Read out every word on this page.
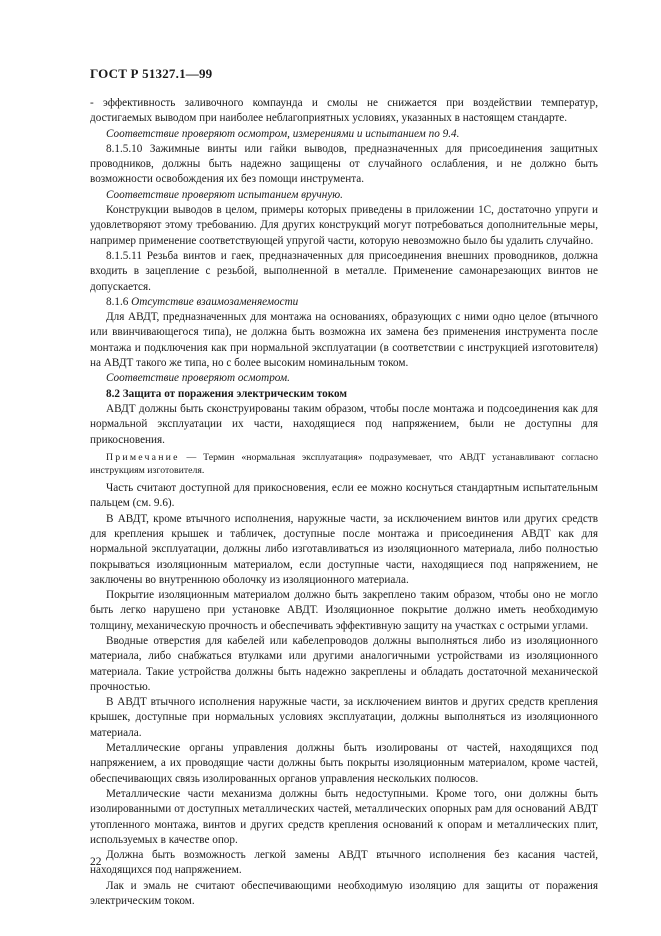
ГОСТ Р 51327.1—99

- эффективность заливочного компаунда и смолы не снижается при воздействии температур, достигаемых выводом при наиболее неблагоприятных условиях, указанных в настоящем стандарте.

Соответствие проверяют осмотром, измерениями и испытанием по 9.4.

8.1.5.10 Зажимные винты или гайки выводов, предназначенных для присоединения защитных проводников, должны быть надежно защищены от случайного ослабления, и не должно быть возможности освобождения их без помощи инструмента.

Соответствие проверяют испытанием вручную.

Конструкции выводов в целом, примеры которых приведены в приложении 1С, достаточно упруги и удовлетворяют этому требованию. Для других конструкций могут потребоваться дополнительные меры, например применение соответствующей упругой части, которую невозможно было бы удалить случайно.

8.1.5.11 Резьба винтов и гаек, предназначенных для присоединения внешних проводников, должна входить в зацепление с резьбой, выполненной в металле. Применение самонарезающих винтов не допускается.

8.1.6 Отсутствие взаимозаменяемости

Для АВДТ, предназначенных для монтажа на основаниях, образующих с ними одно целое (втычного или ввинчивающегося типа), не должна быть возможна их замена без применения инструмента после монтажа и подключения как при нормальной эксплуатации (в соответствии с инструкцией изготовителя) на АВДТ такого же типа, но с более высоким номинальным током.

Соответствие проверяют осмотром.

8.2 Защита от поражения электрическим током

АВДТ должны быть сконструированы таким образом, чтобы после монтажа и подсоединения как для нормальной эксплуатации их части, находящиеся под напряжением, были не доступны для прикосновения.

Примечание — Термин «нормальная эксплуатация» подразумевает, что АВДТ устанавливают согласно инструкциям изготовителя.

Часть считают доступной для прикосновения, если ее можно коснуться стандартным испытательным пальцем (см. 9.6).

В АВДТ, кроме втычного исполнения, наружные части, за исключением винтов или других средств для крепления крышек и табличек, доступные после монтажа и присоединения АВДТ как для нормальной эксплуатации, должны либо изготавливаться из изоляционного материала, либо полностью покрываться изоляционным материалом, если доступные части, находящиеся под напряжением, не заключены во внутреннюю оболочку из изоляционного материала.

Покрытие изоляционным материалом должно быть закреплено таким образом, чтобы оно не могло быть легко нарушено при установке АВДТ. Изоляционное покрытие должно иметь необходимую толщину, механическую прочность и обеспечивать эффективную защиту на участках с острыми углами.

Вводные отверстия для кабелей или кабелепроводов должны выполняться либо из изоляционного материала, либо снабжаться втулками или другими аналогичными устройствами из изоляционного материала. Такие устройства должны быть надежно закреплены и обладать достаточной механической прочностью.

В АВДТ втычного исполнения наружные части, за исключением винтов и других средств крепления крышек, доступные при нормальных условиях эксплуатации, должны выполняться из изоляционного материала.

Металлические органы управления должны быть изолированы от частей, находящихся под напряжением, а их проводящие части должны быть покрыты изоляционным материалом, кроме частей, обеспечивающих связь изолированных органов управления нескольких полюсов.

Металлические части механизма должны быть недоступными. Кроме того, они должны быть изолированными от доступных металлических частей, металлических опорных рам для оснований АВДТ утопленного монтажа, винтов и других средств крепления оснований к опорам и металлических плит, используемых в качестве опор.

Должна быть возможность легкой замены АВДТ втычного исполнения без касания частей, находящихся под напряжением.

Лак и эмаль не считают обеспечивающими необходимую изоляцию для защиты от поражения электрическим током.

22
